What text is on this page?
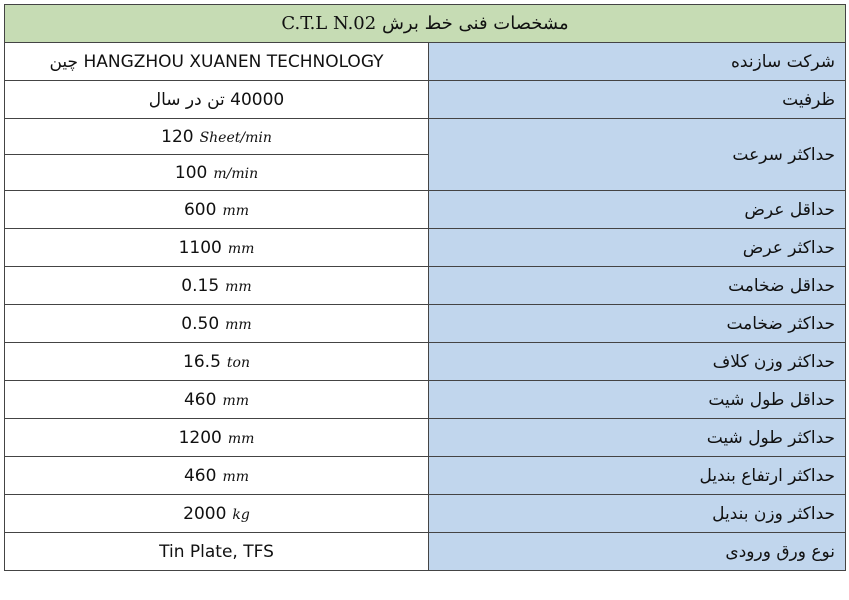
مشخصات فنی خط برش C.T.L N.02	
HANGZHOU XUANEN TECHNOLOGY چین	شرکت سازنده
40000 تن در سال	ظرفیت
120 Sheet/min	حداکثر سرعت
100 m/min	
600 mm	حداقل عرض
1100 mm	حداکثر عرض
0.15 mm	حداقل ضخامت
0.50 mm	حداکثر ضخامت
16.5 ton	حداکثر وزن کلاف
460 mm	حداقل طول شیت
1200 mm	حداکثر طول شیت
460 mm	حداکثر ارتفاع بندیل
2000 kg	حداکثر وزن بندیل
Tin Plate, TFS	نوع ورق ورودی
